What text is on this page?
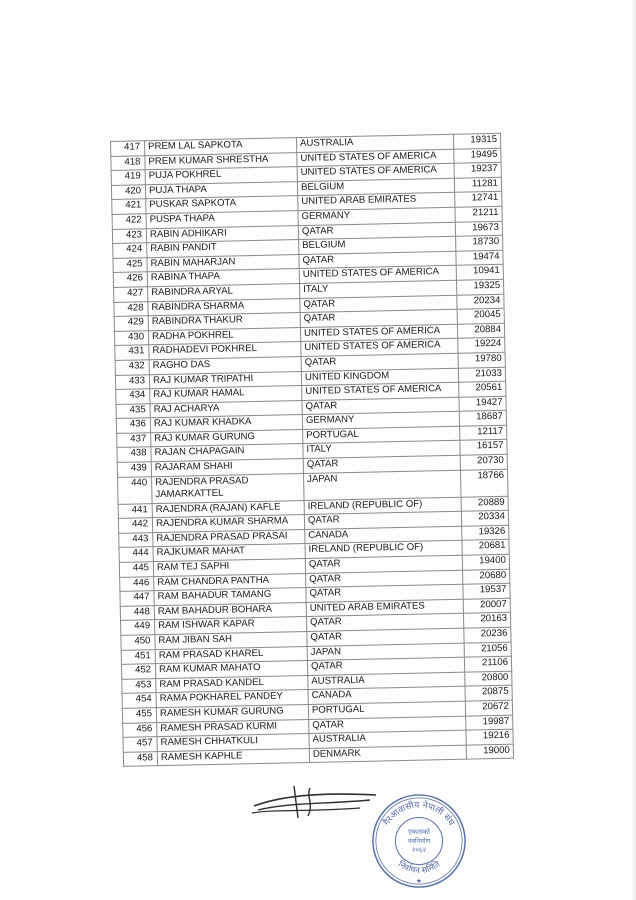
417	PREM LAL SAPKOTA	AUSTRALIA	19315
418	PREM KUMAR SHRESTHA	UNITED STATES OF AMERICA	19495
419	PUJA POKHREL	UNITED STATES OF AMERICA	19237
420	PUJA THAPA	BELGIUM	11281
421	PUSKAR SAPKOTA	UNITED ARAB EMIRATES	12741
422	PUSPA THAPA	GERMANY	21211
423	RABIN ADHIKARI	QATAR	19673
424	RABIN PANDIT	BELGIUM	18730
425	RABIN MAHARJAN	QATAR	19474
426	RABINA THAPA	UNITED STATES OF AMERICA	10941
427	RABINDRA ARYAL	ITALY	19325
428	RABINDRA SHARMA	QATAR	20234
429	RABINDRA THAKUR	QATAR	20045
430	RADHA POKHREL	UNITED STATES OF AMERICA	20884
431	RADHADEVI POKHREL	UNITED STATES OF AMERICA	19224
432	RAGHO DAS	QATAR	19780
433	RAJ KUMAR TRIPATHI	UNITED KINGDOM	21033
434	RAJ KUMAR HAMAL	UNITED STATES OF AMERICA	20561
435	RAJ ACHARYA	QATAR	19427
436	RAJ KUMAR KHADKA	GERMANY	18687
437	RAJ KUMAR GURUNG	PORTUGAL	12117
438	RAJAN CHAPAGAIN	ITALY	16157
439	RAJARAM SHAHI	QATAR	20730
440	RAJENDRA PRASAD JAMARKATTEL	JAPAN	18766
441	RAJENDRA (RAJAN) KAFLE	IRELAND (REPUBLIC OF)	20889
442	RAJENDRA KUMAR SHARMA	QATAR	20334
443	RAJENDRA PRASAD PRASAI	CANADA	19326
444	RAJKUMAR MAHAT	IRELAND (REPUBLIC OF)	20681
445	RAM TEJ SAPHI	QATAR	19400
446	RAM CHANDRA PANTHA	QATAR	20680
447	RAM BAHADUR TAMANG	QATAR	19537
448	RAM BAHADUR BOHARA	UNITED ARAB EMIRATES	20007
449	RAM ISHWAR KAPAR	QATAR	20163
450	RAM JIBAN SAH	QATAR	20236
451	RAM PRASAD KHAREL	JAPAN	21056
452	RAM KUMAR MAHATO	QATAR	21106
453	RAM PRASAD KANDEL	AUSTRALIA	20800
454	RAMA POKHAREL PANDEY	CANADA	20875
455	RAMESH KUMAR GURUNG	PORTUGAL	20672
456	RAMESH PRASAD KURMI	QATAR	19987
457	RAMESH CHHATKULI	AUSTRALIA	19216
458	RAMESH KAPHLE	DENMARK	19000
गैरआवासीय नेपाली संघ
निर्वाचन समिति
एकताको
नवनिर्माण
२०६२
★
